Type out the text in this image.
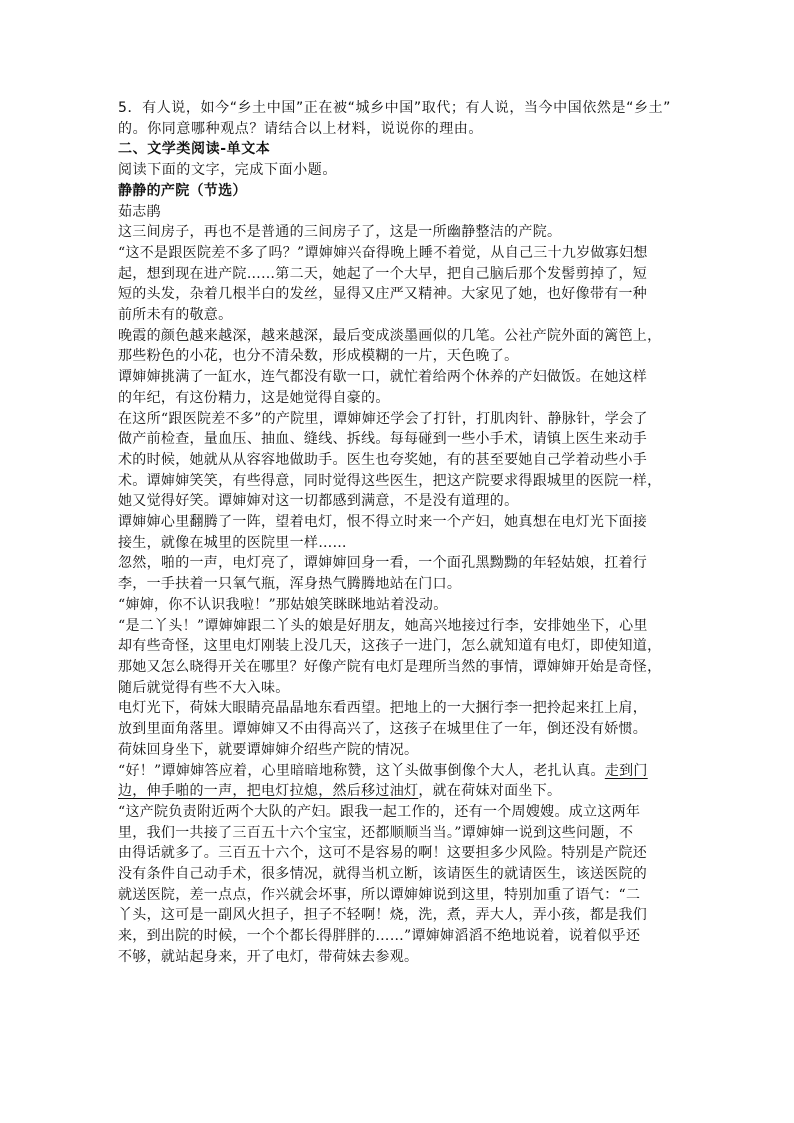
5．有人说，如今“乡土中国”正在被“城乡中国”取代；有人说，当今中国依然是“乡土”
的。你同意哪种观点？请结合以上材料，说说你的理由。
二、文学类阅读-单文本
阅读下面的文字，完成下面小题。
静静的产院（节选）
茹志鹃
这三间房子，再也不是普通的三间房子了，这是一所幽静整洁的产院。
“这不是跟医院差不多了吗？”谭婶婶兴奋得晚上睡不着觉，从自己三十九岁做寡妇想
起，想到现在进产院……第二天，她起了一个大早，把自己脑后那个发髻剪掉了，短
短的头发，杂着几根半白的发丝，显得又庄严又精神。大家见了她，也好像带有一种
前所未有的敬意。
晚霞的颜色越来越深，越来越深，最后变成淡墨画似的几笔。公社产院外面的篱笆上，
那些粉色的小花，也分不清朵数，形成模糊的一片，天色晚了。
谭婶婶挑满了一缸水，连气都没有歇一口，就忙着给两个休养的产妇做饭。在她这样
的年纪，有这份精力，这是她觉得自豪的。
在这所“跟医院差不多”的产院里，谭婶婶还学会了打针，打肌肉针、静脉针，学会了
做产前检查，量血压、抽血、缝线、拆线。每每碰到一些小手术，请镇上医生来动手
术的时候，她就从从容容地做助手。医生也夸奖她，有的甚至要她自己学着动些小手
术。谭婶婶笑笑，有些得意，同时觉得这些医生，把这产院要求得跟城里的医院一样，
她又觉得好笑。谭婶婶对这一切都感到满意，不是没有道理的。
谭婶婶心里翻腾了一阵，望着电灯，恨不得立时来一个产妇，她真想在电灯光下面接
接生，就像在城里的医院里一样……
忽然，啪的一声，电灯亮了，谭婶婶回身一看，一个面孔黑黝黝的年轻姑娘，扛着行
李，一手扶着一只氧气瓶，浑身热气腾腾地站在门口。
“婶婶，你不认识我啦！”那姑娘笑眯眯地站着没动。
“是二丫头！”谭婶婶跟二丫头的娘是好朋友，她高兴地接过行李，安排她坐下，心里
却有些奇怪，这里电灯刚装上没几天，这孩子一进门，怎么就知道有电灯，即使知道，
那她又怎么晓得开关在哪里？好像产院有电灯是理所当然的事情，谭婶婶开始是奇怪，
随后就觉得有些不大入味。
电灯光下，荷妹大眼睛亮晶晶地东看西望。把地上的一大捆行李一把拎起来扛上肩，
放到里面角落里。谭婶婶又不由得高兴了，这孩子在城里住了一年，倒还没有娇惯。
荷妹回身坐下，就要谭婶婶介绍些产院的情况。
“好！”谭婶婶答应着，心里暗暗地称赞，这丫头做事倒像个大人，老扎认真。走到门
边，伸手啪的一声，把电灯拉熄，然后移过油灯，就在荷妹对面坐下。
“这产院负责附近两个大队的产妇。跟我一起工作的，还有一个周嫂嫂。成立这两年
里，我们一共接了三百五十六个宝宝，还都顺顺当当。”谭婶婶一说到这些问题，不
由得话就多了。三百五十六个，这可不是容易的啊！这要担多少风险。特别是产院还
没有条件自己动手术，很多情况，就得当机立断，该请医生的就请医生，该送医院的
就送医院，差一点点，作兴就会坏事，所以谭婶婶说到这里，特别加重了语气：“二
丫头，这可是一副风火担子，担子不轻啊！烧，洗，煮，弄大人，弄小孩，都是我们
来，到出院的时候，一个个都长得胖胖的……”谭婶婶滔滔不绝地说着，说着似乎还
不够，就站起身来，开了电灯，带荷妹去参观。
